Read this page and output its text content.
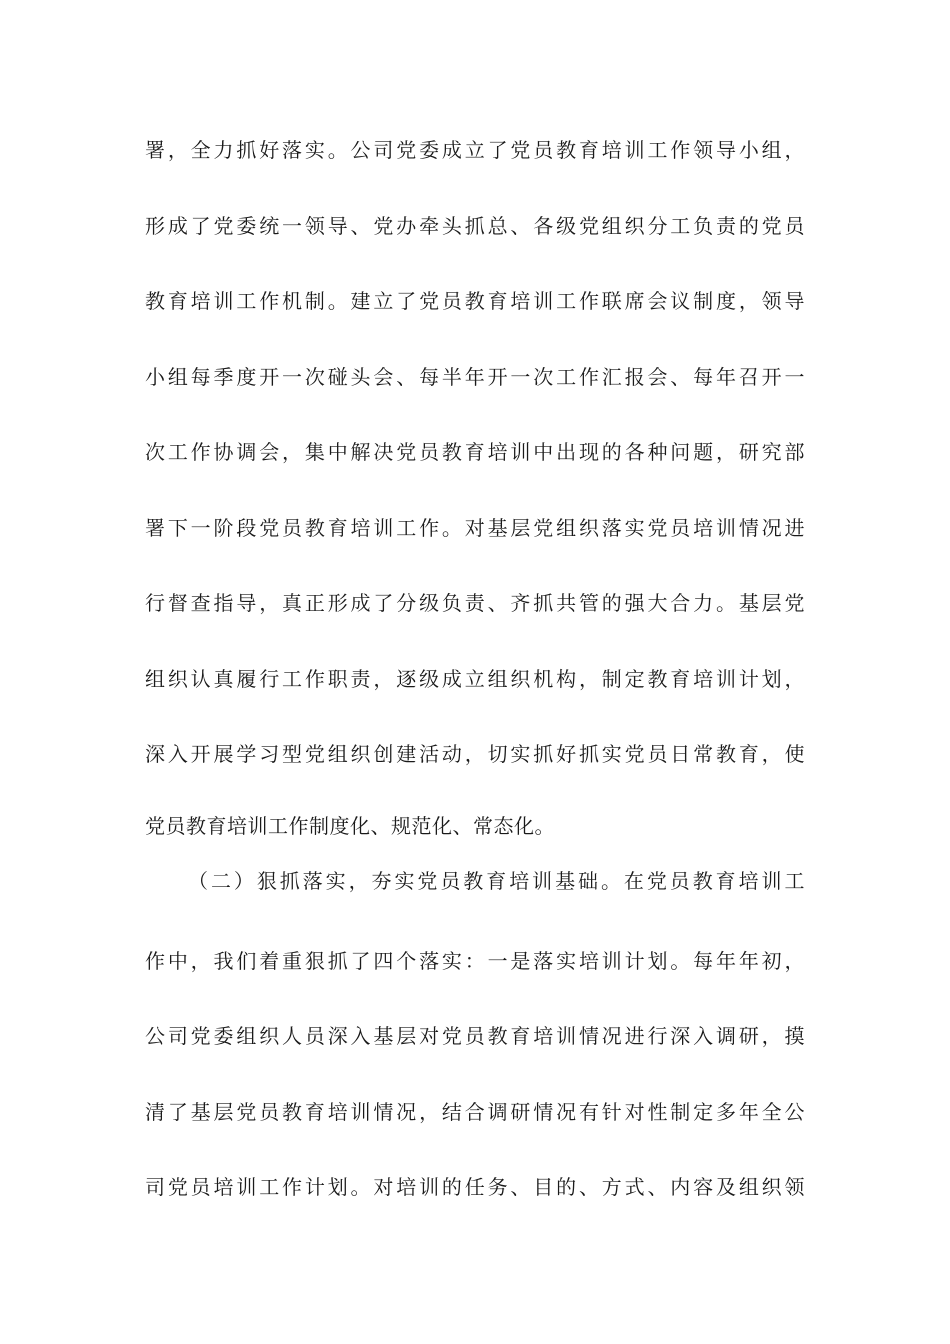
署，全力抓好落实。公司党委成立了党员教育培训工作领导小组，
形成了党委统一领导、党办牵头抓总、各级党组织分工负责的党员
教育培训工作机制。建立了党员教育培训工作联席会议制度，领导
小组每季度开一次碰头会、每半年开一次工作汇报会、每年召开一
次工作协调会，集中解决党员教育培训中出现的各种问题，研究部
署下一阶段党员教育培训工作。对基层党组织落实党员培训情况进
行督查指导，真正形成了分级负责、齐抓共管的强大合力。基层党
组织认真履行工作职责，逐级成立组织机构，制定教育培训计划，
深入开展学习型党组织创建活动，切实抓好抓实党员日常教育，使
党员教育培训工作制度化、规范化、常态化。
（二）狠抓落实，夯实党员教育培训基础。在党员教育培训工
作中，我们着重狠抓了四个落实：一是落实培训计划。每年年初，
公司党委组织人员深入基层对党员教育培训情况进行深入调研，摸
清了基层党员教育培训情况，结合调研情况有针对性制定多年全公
司党员培训工作计划。对培训的任务、目的、方式、内容及组织领
